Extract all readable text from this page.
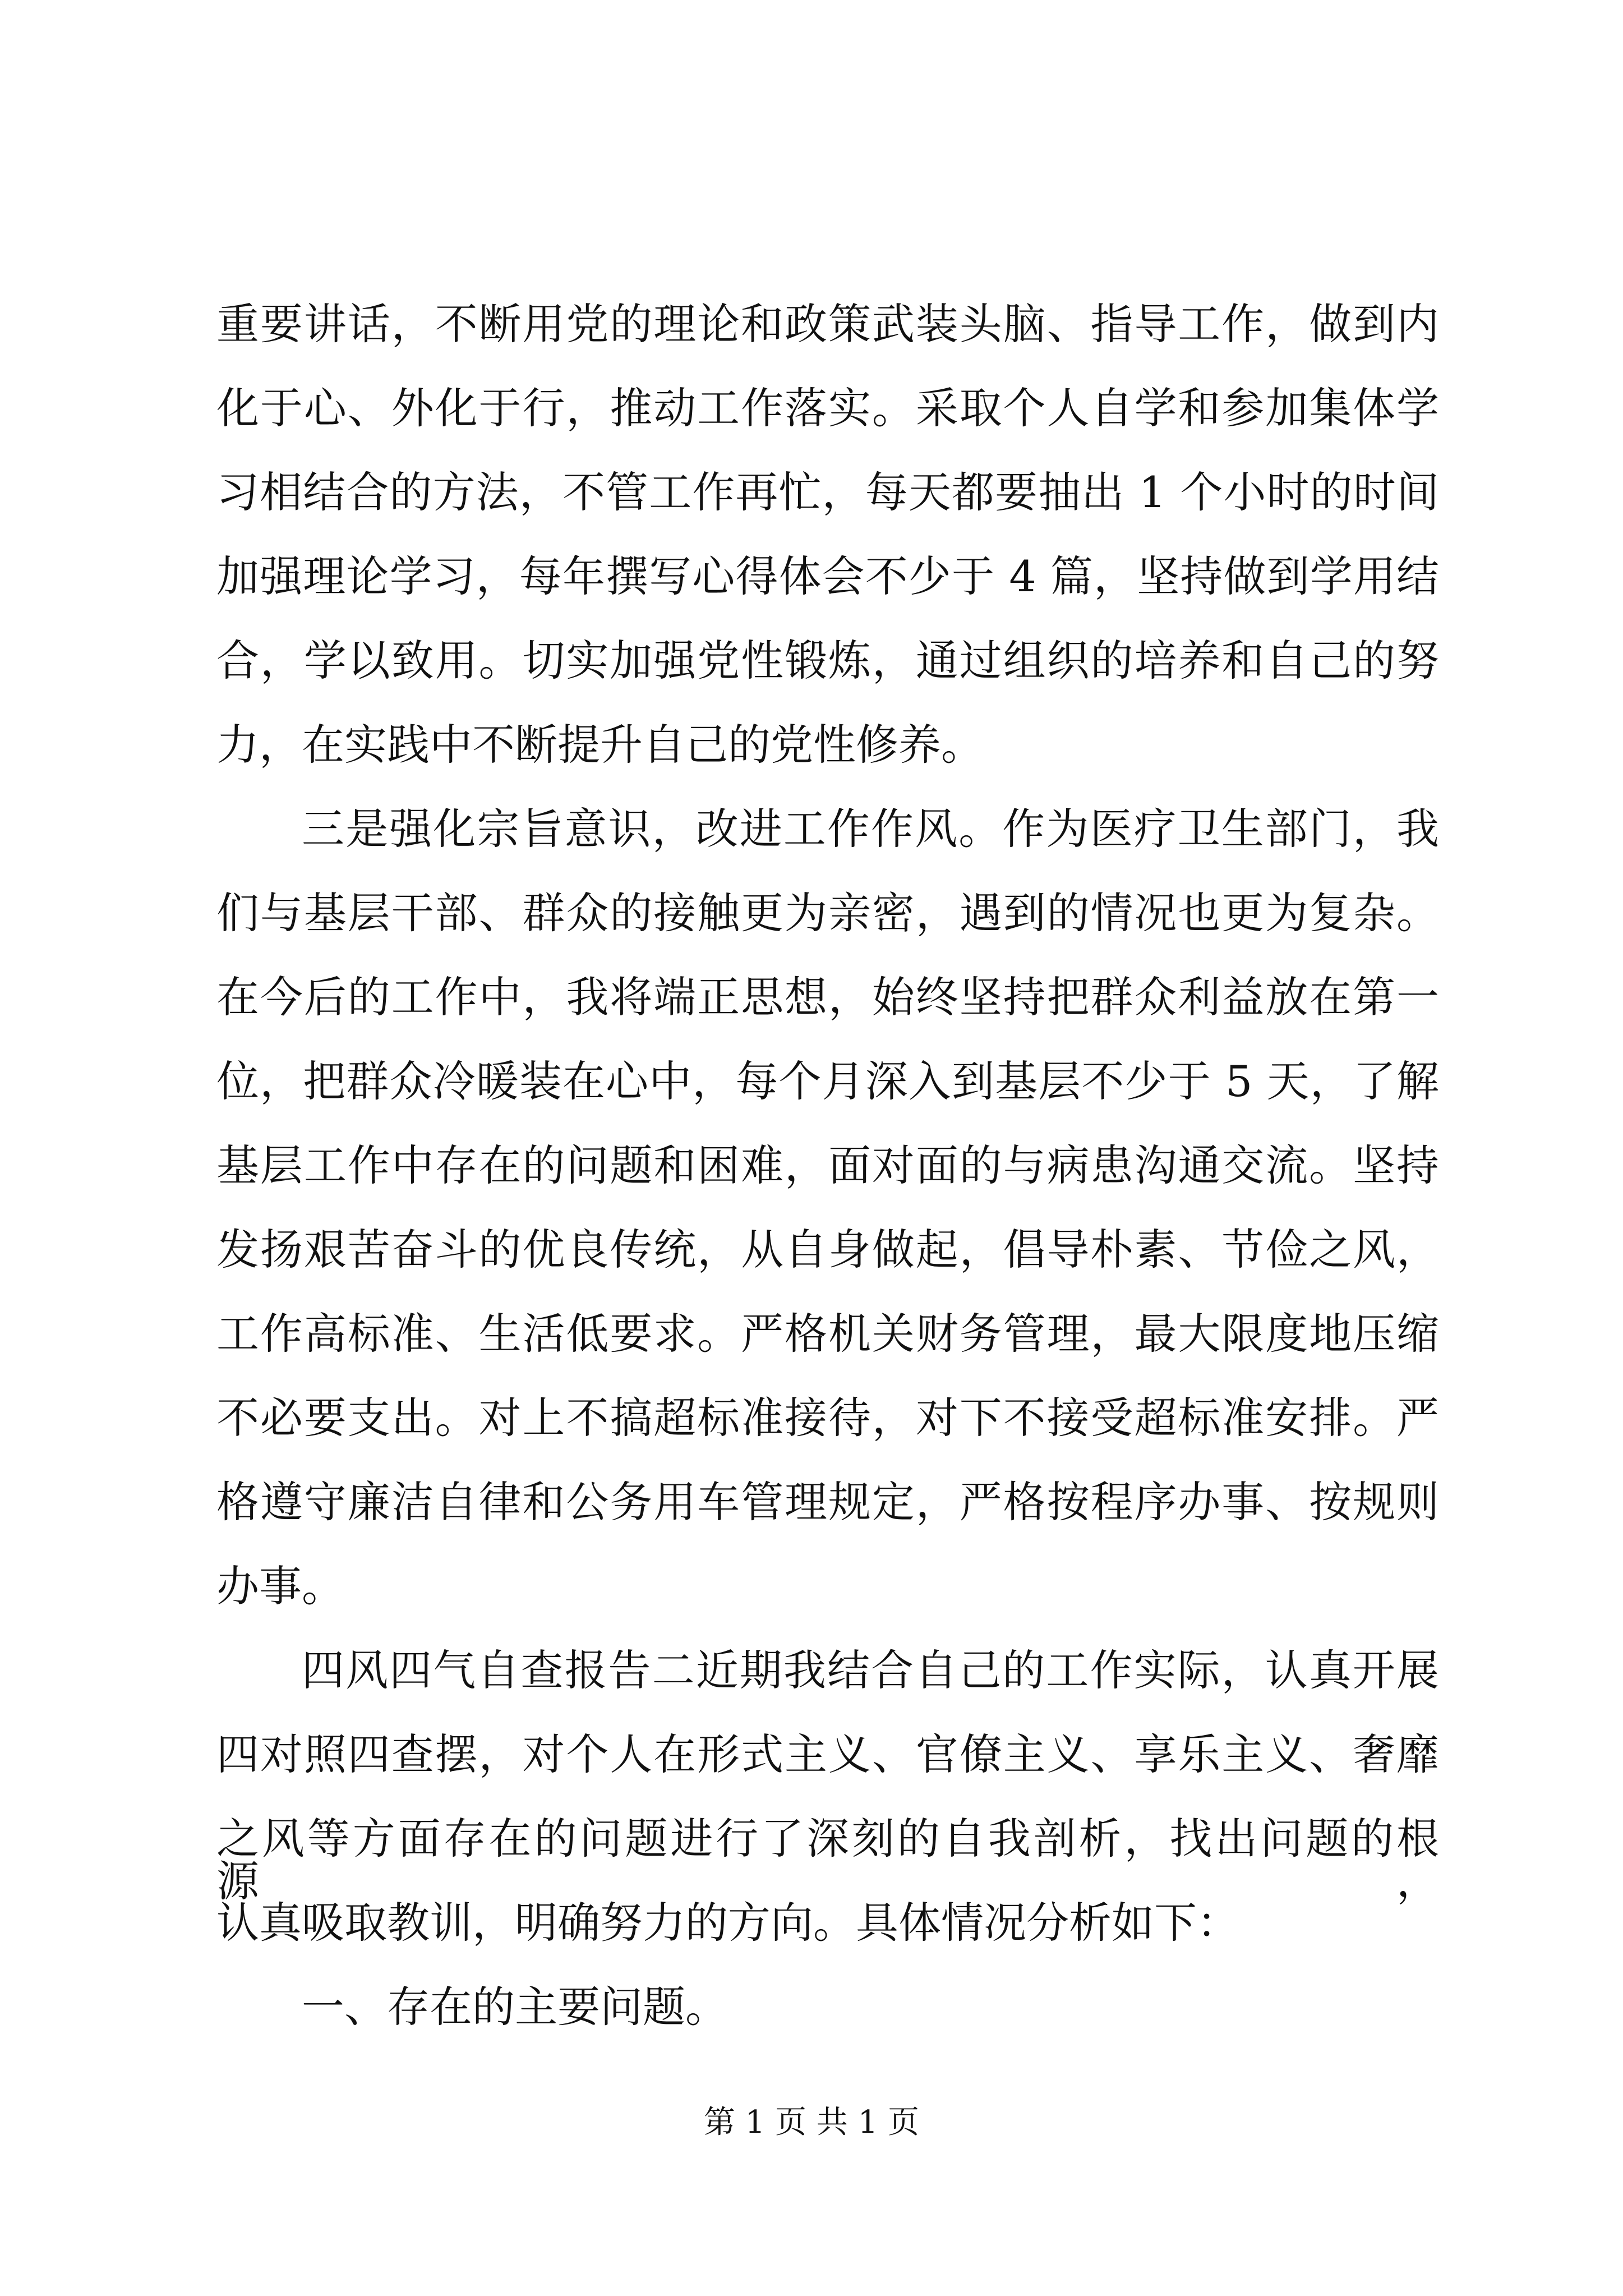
重要讲话，不断用党的理论和政策武装头脑、指导工作，做到内
化于心、外化于行，推动工作落实。采取个人自学和参加集体学
习相结合的方法，不管工作再忙，每天都要抽出 1 个小时的时间
加强理论学习，每年撰写心得体会不少于 4 篇，坚持做到学用结
合，学以致用。切实加强党性锻炼，通过组织的培养和自己的努
力，在实践中不断提升自己的党性修养。
三是强化宗旨意识，改进工作作风。作为医疗卫生部门，我
们与基层干部、群众的接触更为亲密，遇到的情况也更为复杂。
在今后的工作中，我将端正思想，始终坚持把群众利益放在第一
位，把群众冷暖装在心中，每个月深入到基层不少于 5 天，了解
基层工作中存在的问题和困难，面对面的与病患沟通交流。坚持
发扬艰苦奋斗的优良传统，从自身做起，倡导朴素、节俭之风，
工作高标准、生活低要求。严格机关财务管理，最大限度地压缩
不必要支出。对上不搞超标准接待，对下不接受超标准安排。严
格遵守廉洁自律和公务用车管理规定，严格按程序办事、按规则
办事。
四风四气自查报告二近期我结合自己的工作实际，认真开展
四对照四查摆，对个人在形式主义、官僚主义、享乐主义、奢靡
之风等方面存在的问题进行了深刻的自我剖析，找出问题的根源，
认真吸取教训，明确努力的方向。具体情况分析如下：
一、存在的主要问题。
第 1 页 共 1 页
